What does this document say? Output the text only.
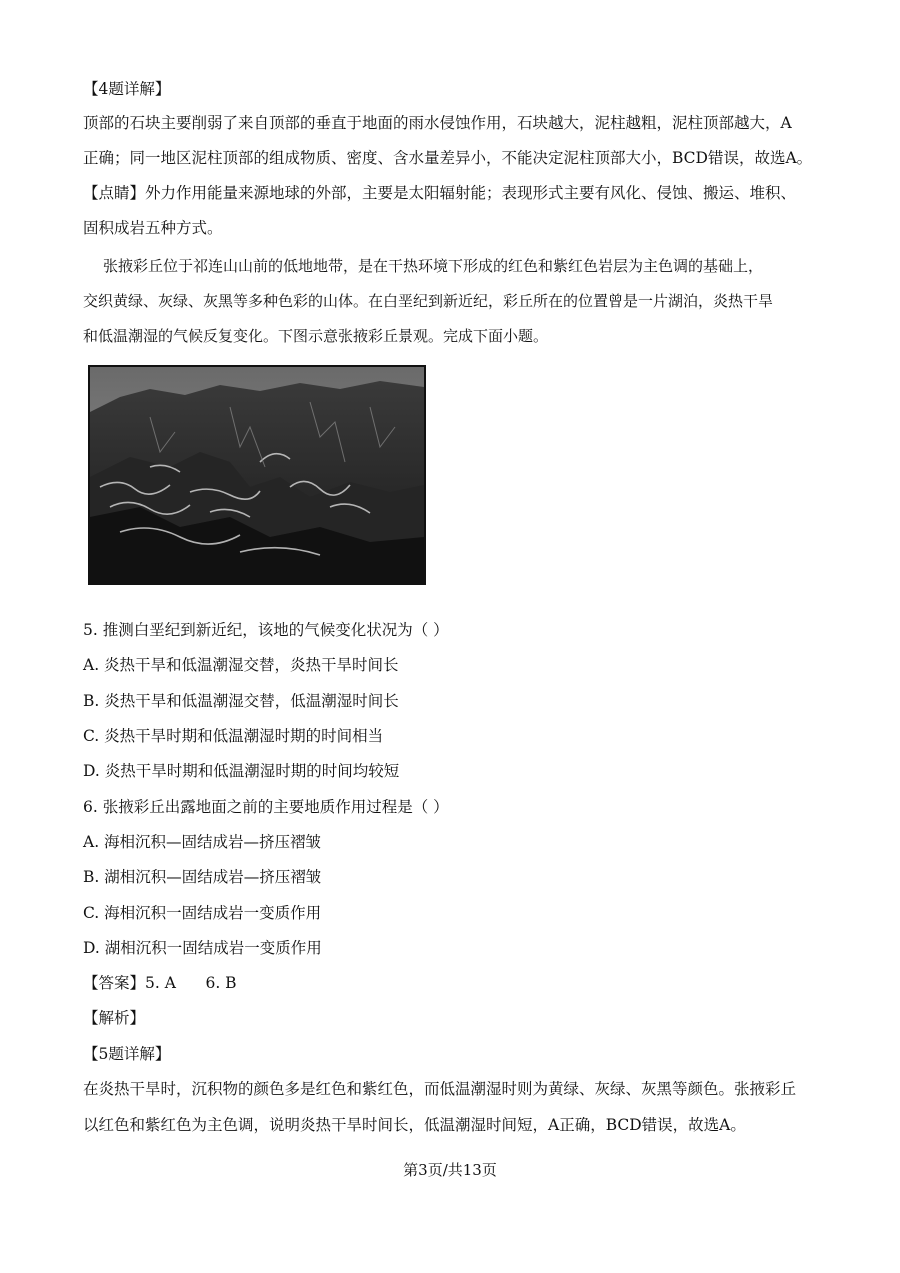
【4题详解】
顶部的石块主要削弱了来自顶部的垂直于地面的雨水侵蚀作用，石块越大，泥柱越粗，泥柱顶部越大，A
正确；同一地区泥柱顶部的组成物质、密度、含水量差异小，不能决定泥柱顶部大小，BCD错误，故选A。
【点睛】外力作用能量来源地球的外部，主要是太阳辐射能；表现形式主要有风化、侵蚀、搬运、堆积、
固积成岩五种方式。
张掖彩丘位于祁连山山前的低地地带，是在干热环境下形成的红色和紫红色岩层为主色调的基础上，
交织黄绿、灰绿、灰黑等多种色彩的山体。在白垩纪到新近纪，彩丘所在的位置曾是一片湖泊，炎热干旱
和低温潮湿的气候反复变化。下图示意张掖彩丘景观。完成下面小题。
5. 推测白垩纪到新近纪，该地的气候变化状况为（ ）
A. 炎热干旱和低温潮湿交替，炎热干旱时间长
B. 炎热干旱和低温潮湿交替，低温潮湿时间长
C. 炎热干旱时期和低温潮湿时期的时间相当
D. 炎热干旱时期和低温潮湿时期的时间均较短
6. 张掖彩丘出露地面之前的主要地质作用过程是（ ）
A. 海相沉积—固结成岩—挤压褶皱
B. 湖相沉积—固结成岩—挤压褶皱
C. 海相沉积一固结成岩一变质作用
D. 湖相沉积一固结成岩一变质作用
【答案】5. A      6. B
【解析】
【5题详解】
在炎热干旱时，沉积物的颜色多是红色和紫红色，而低温潮湿时则为黄绿、灰绿、灰黑等颜色。张掖彩丘
以红色和紫红色为主色调，说明炎热干旱时间长，低温潮湿时间短，A正确，BCD错误，故选A。
第3页/共13页
